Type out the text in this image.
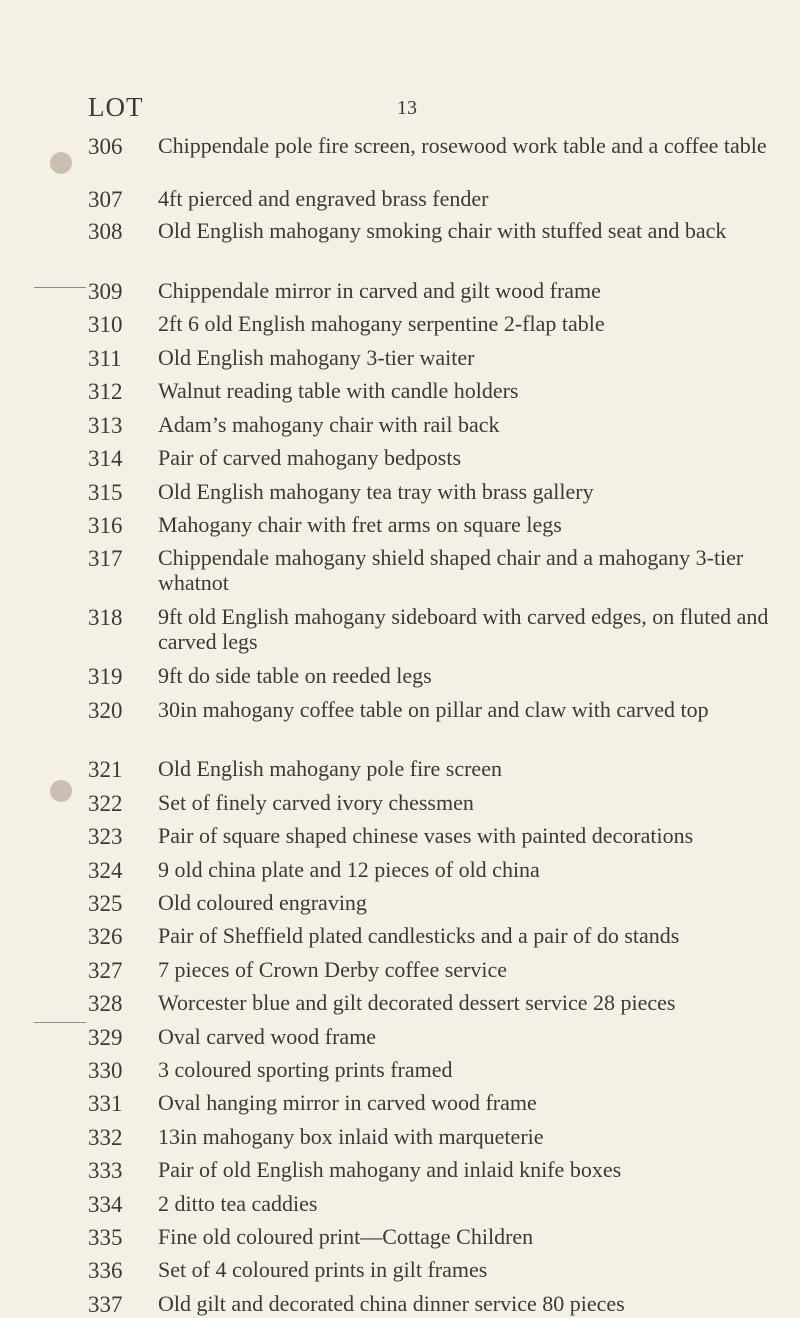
LOT	13
306	Chippendale pole fire screen, rosewood work table and a coffee table
307	4ft pierced and engraved brass fender
308	Old English mahogany smoking chair with stuffed seat and back
309	Chippendale mirror in carved and gilt wood frame
310	2ft 6 old English mahogany serpentine 2-flap table
311	Old English mahogany 3-tier waiter
312	Walnut reading table with candle holders
313	Adam’s mahogany chair with rail back
314	Pair of carved mahogany bedposts
315	Old English mahogany tea tray with brass gallery
316	Mahogany chair with fret arms on square legs
317	Chippendale mahogany shield shaped chair and a mahogany 3-tier whatnot
318	9ft old English mahogany sideboard with carved edges, on fluted and carved legs
319	9ft do side table on reeded legs
320	30in mahogany coffee table on pillar and claw with carved top
321	Old English mahogany pole fire screen
322	Set of finely carved ivory chessmen
323	Pair of square shaped chinese vases with painted decorations
324	9 old china plate and 12 pieces of old china
325	Old coloured engraving
326	Pair of Sheffield plated candlesticks and a pair of do stands
327	7 pieces of Crown Derby coffee service
328	Worcester blue and gilt decorated dessert service 28 pieces
329	Oval carved wood frame
330	3 coloured sporting prints framed
331	Oval hanging mirror in carved wood frame
332	13in mahogany box inlaid with marqueterie
333	Pair of old English mahogany and inlaid knife boxes
334	2 ditto tea caddies
335	Fine old coloured print—Cottage Children
336	Set of 4 coloured prints in gilt frames
337	Old gilt and decorated china dinner service 80 pieces
